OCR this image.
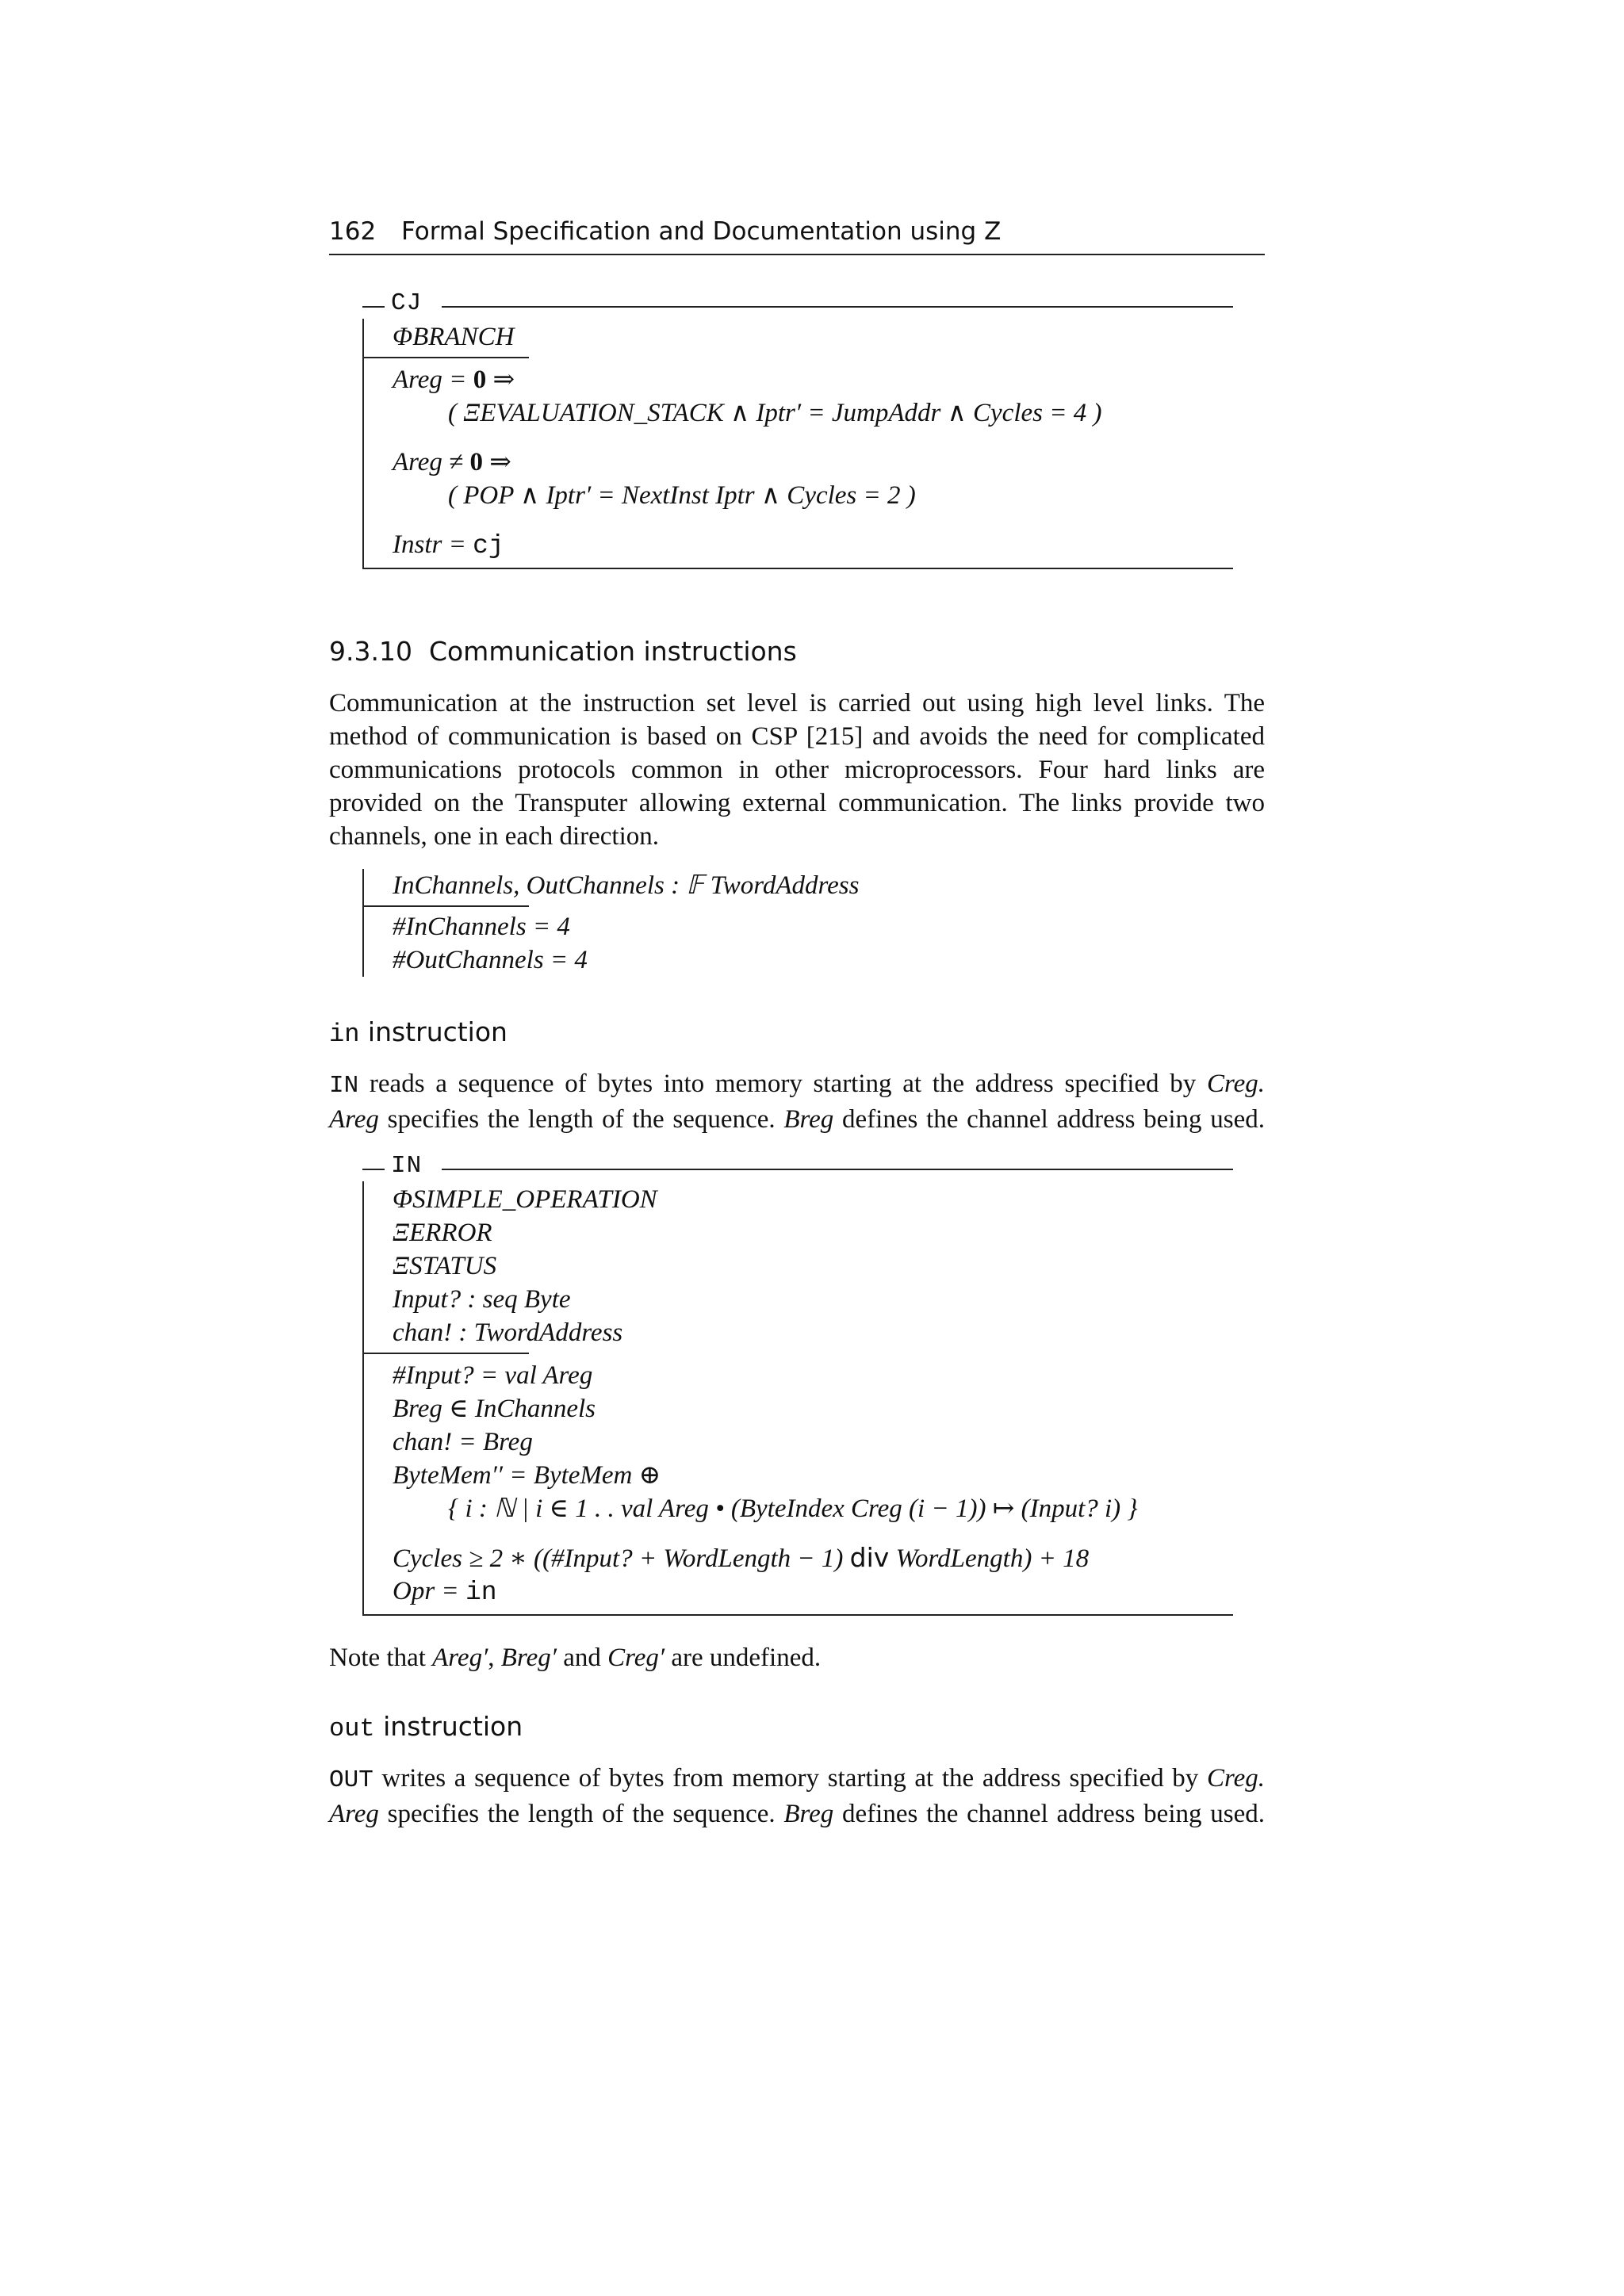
162 Formal Specification and Documentation using Z
CJ
ΦBRANCH
Areg = 0 ⇒
( ΞEVALUATION_STACK ∧ Iptr′ = JumpAddr ∧ Cycles = 4 )
Areg ≠ 0 ⇒
( POP ∧ Iptr′ = NextInst Iptr ∧ Cycles = 2 )
Instr = cj
9.3.10 Communication instructions
Communication at the instruction set level is carried out using high level links. The
method of communication is based on CSP [215] and avoids the need for complicated
communications protocols common in other microprocessors. Four hard links are
provided on the Transputer allowing external communication. The links provide two
channels, one in each direction.
InChannels, OutChannels : 𝔽 TwordAddress
#InChannels = 4
#OutChannels = 4
in instruction
IN reads a sequence of bytes into memory starting at the address specified by Creg.
Areg specifies the length of the sequence. Breg defines the channel address being used.
IN
ΦSIMPLE_OPERATION
ΞERROR
ΞSTATUS
Input? : seq Byte
chan! : TwordAddress
#Input? = val Areg
Breg ∈ InChannels
chan! = Breg
ByteMem′′ = ByteMem ⊕
{ i : ℕ | i ∈ 1 . . val Areg • (ByteIndex Creg (i − 1)) ↦ (Input? i) }
Cycles ≥ 2 ∗ ((#Input? + WordLength − 1) div WordLength) + 18
Opr = in
Note that Areg′, Breg′ and Creg′ are undefined.
out instruction
OUT writes a sequence of bytes from memory starting at the address specified by Creg.
Areg specifies the length of the sequence. Breg defines the channel address being used.
